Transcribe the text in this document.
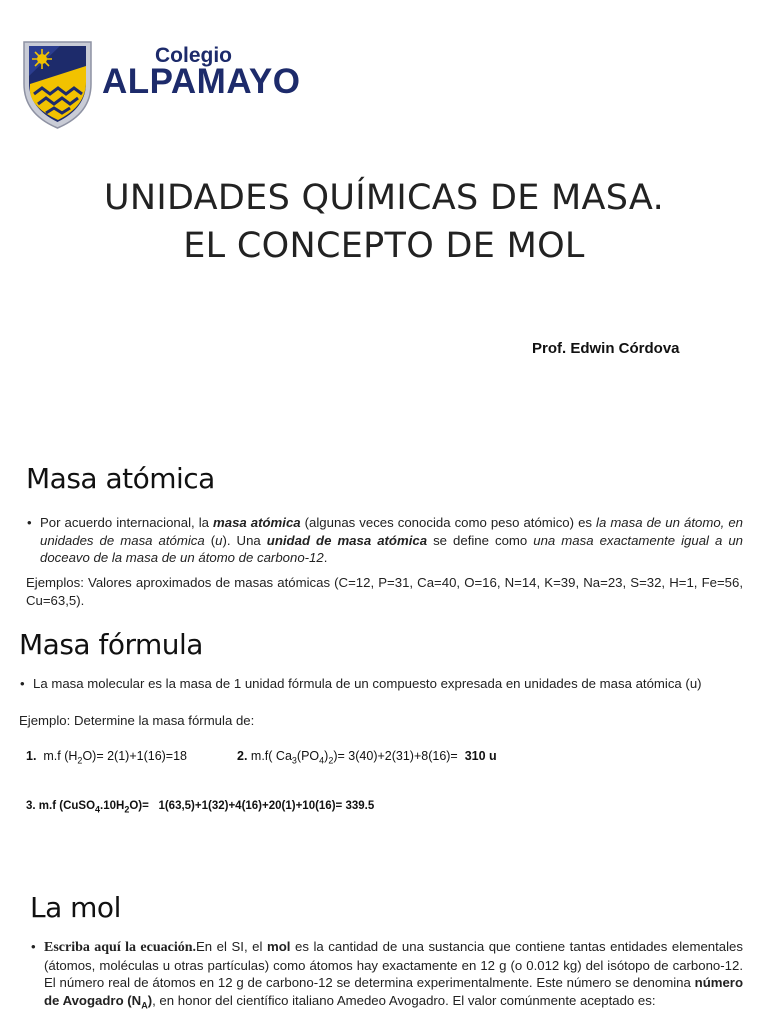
Colegio
ALPAMAYO
UNIDADES QUÍMICAS DE MASA.
EL CONCEPTO DE MOL
Prof. Edwin Córdova
Masa atómica
• Por acuerdo internacional, la masa atómica (algunas veces conocida como peso atómico) es la masa de un átomo, en unidades de masa atómica (u). Una unidad de masa atómica se define como una masa exactamente igual a un doceavo de la masa de un átomo de carbono-12.
Ejemplos: Valores aproximados de masas atómicas (C=12, P=31, Ca=40, O=16, N=14, K=39, Na=23, S=32, H=1, Fe=56, Cu=63,5).
Masa fórmula
• La masa molecular es la masa de 1 unidad fórmula de un compuesto expresada en unidades de masa atómica (u)
Ejemplo: Determine la masa fórmula de:
1. m.f $(H_2O)= 2(1)+1(16)=18$	2. m.f( $Ca_3(PO_4)_2)= 3(40)+2(31)+8(16)= 310$ u
3. m.f $(CuSO_4.10H_2O)= 1(63,5)+1(32)+4(16)+20(1)+10(16)= 339.5$
La mol
• Escriba aquí la ecuación.En el SI, el mol es la cantidad de una sustancia que contiene tantas entidades elementales (átomos, moléculas u otras partículas) como átomos hay exactamente en 12 g (o 0.012 kg) del isótopo de carbono-12. El número real de átomos en 12 g de carbono-12 se determina experimentalmente. Este número se denomina número de Avogadro $(N_A)$, en honor del científico italiano Amedeo Avogadro. El valor comúnmente aceptado es:
